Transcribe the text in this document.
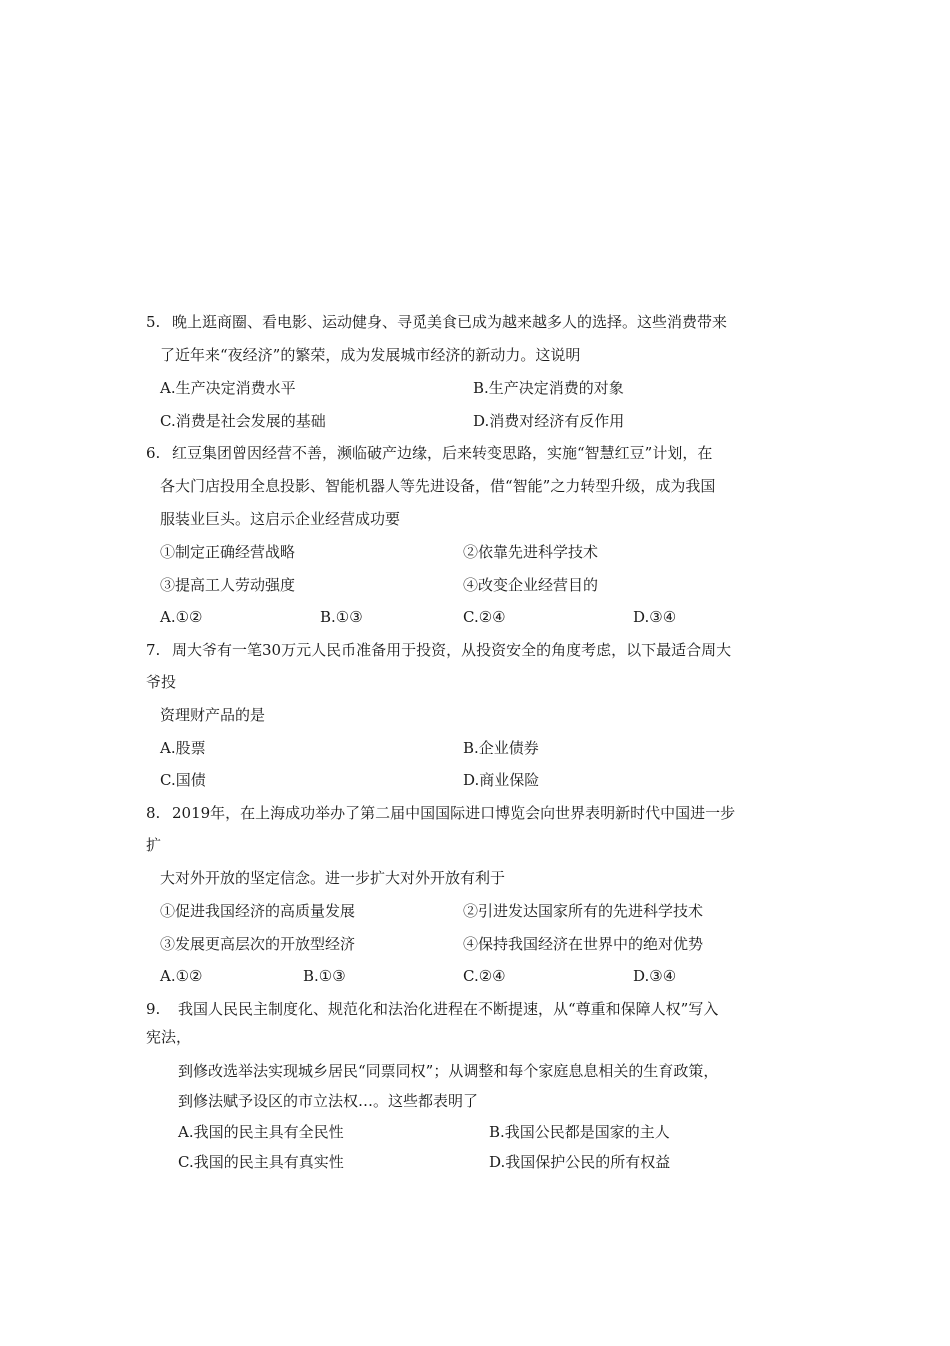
5. 晚上逛商圈、看电影、运动健身、寻觅美食已成为越来越多人的选择。这些消费带来
了近年来“夜经济”的繁荣，成为发展城市经济的新动力。这说明
A.生产决定消费水平	B.生产决定消费的对象
C.消费是社会发展的基础	D.消费对经济有反作用
6. 红豆集团曾因经营不善，濒临破产边缘，后来转变思路，实施“智慧红豆”计划，在
各大门店投用全息投影、智能机器人等先进设备，借“智能”之力转型升级，成为我国
服装业巨头。这启示企业经营成功要
①制定正确经营战略	②依靠先进科学技术
③提高工人劳动强度	④改变企业经营目的
A.①②	B.①③	C.②④	D.③④
7. 周大爷有一笔30万元人民币准备用于投资，从投资安全的角度考虑，以下最适合周大
爷投
资理财产品的是
A.股票	B.企业债券
C.国债	D.商业保险
8. 2019年，在上海成功举办了第二届中国国际进口博览会向世界表明新时代中国进一步
扩
大对外开放的坚定信念。进一步扩大对外开放有利于
①促进我国经济的高质量发展	②引进发达国家所有的先进科学技术
③发展更高层次的开放型经济	④保持我国经济在世界中的绝对优势
A.①②	B.①③	C.②④	D.③④
9. 我国人民民主制度化、规范化和法治化进程在不断提速，从“尊重和保障人权”写入
宪法，
到修改选举法实现城乡居民“同票同权”；从调整和每个家庭息息相关的生育政策，
到修法赋予设区的市立法权…。这些都表明了
A.我国的民主具有全民性	B.我国公民都是国家的主人
C.我国的民主具有真实性	D.我国保护公民的所有权益
